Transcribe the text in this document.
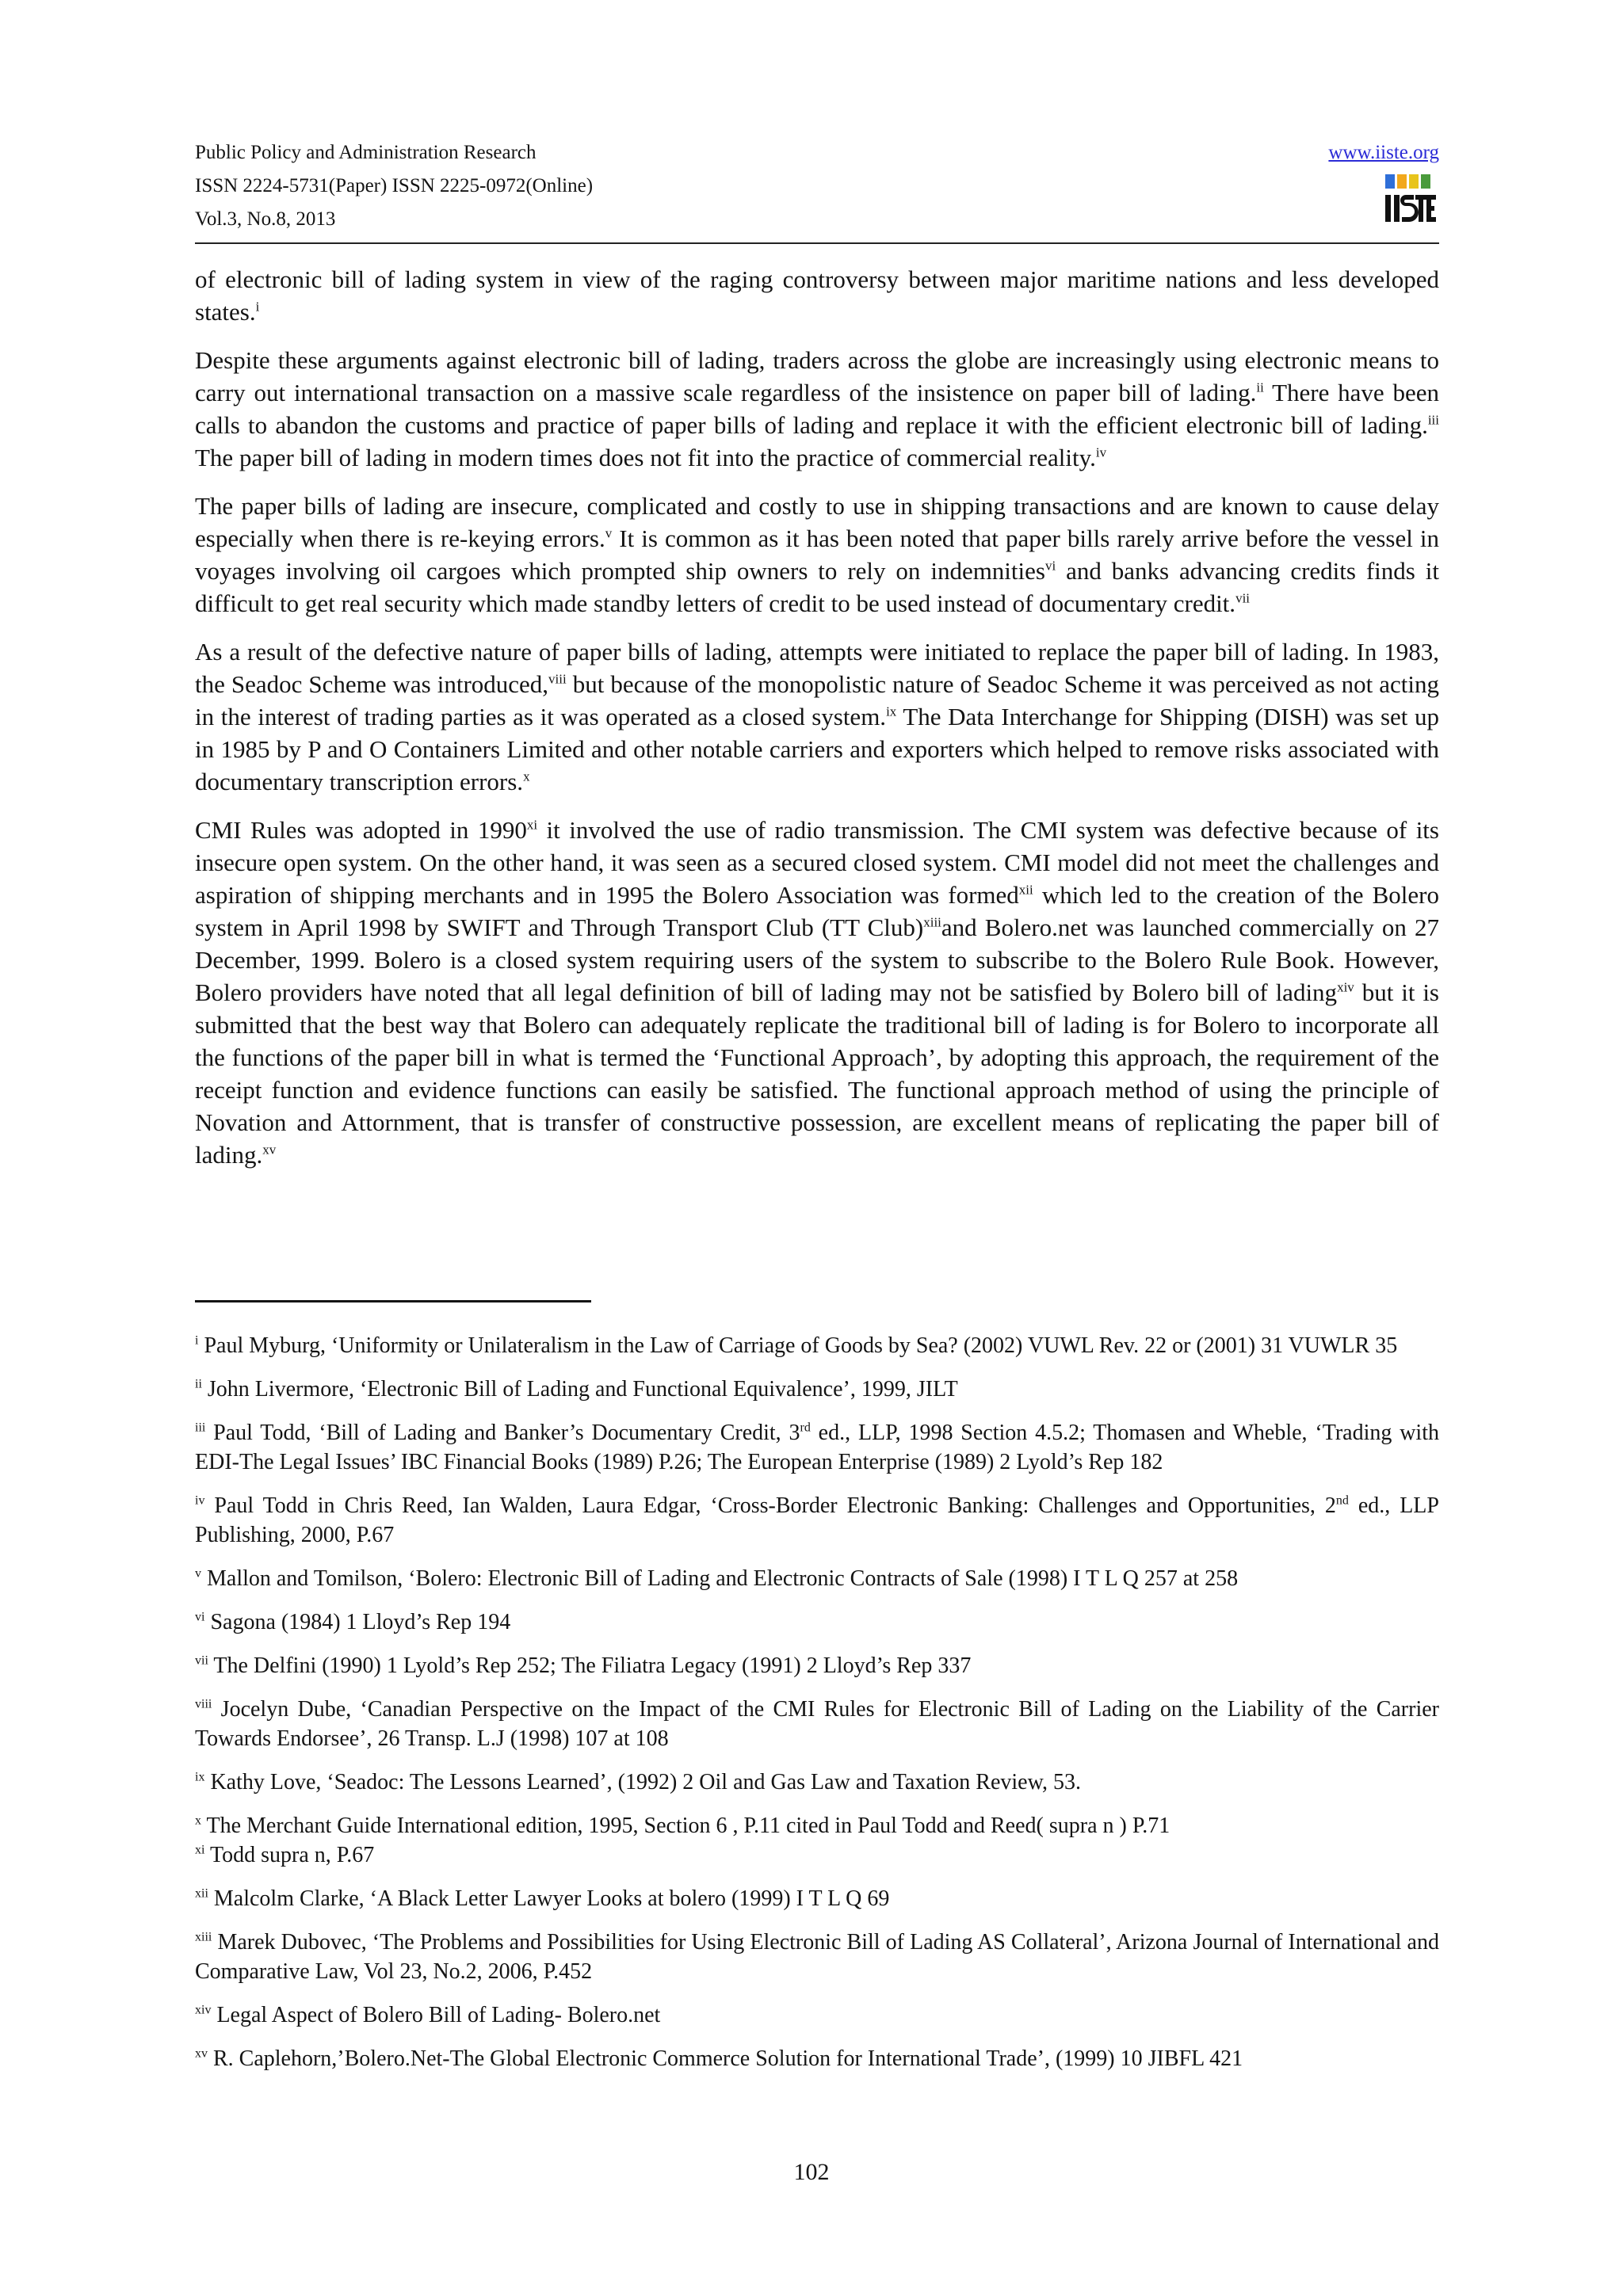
Public Policy and Administration Research	www.iiste.org
ISSN 2224-5731(Paper) ISSN 2225-0972(Online)
Vol.3, No.8, 2013

of electronic bill of lading system in view of the raging controversy between major maritime nations and less developed states.$^i$

Despite these arguments against electronic bill of lading, traders across the globe are increasingly using electronic means to carry out international transaction on a massive scale regardless of the insistence on paper bill of lading.$^{ii}$ There have been calls to abandon the customs and practice of paper bills of lading and replace it with the efficient electronic bill of lading.$^{iii}$ The paper bill of lading in modern times does not fit into the practice of commercial reality.$^{iv}$

The paper bills of lading are insecure, complicated and costly to use in shipping transactions and are known to cause delay especially when there is re-keying errors.$^v$ It is common as it has been noted that paper bills rarely arrive before the vessel in voyages involving oil cargoes which prompted ship owners to rely on indemnities$^{vi}$ and banks advancing credits finds it difficult to get real security which made standby letters of credit to be used instead of documentary credit.$^{vii}$

As a result of the defective nature of paper bills of lading, attempts were initiated to replace the paper bill of lading. In 1983, the Seadoc Scheme was introduced,$^{viii}$ but because of the monopolistic nature of Seadoc Scheme it was perceived as not acting in the interest of trading parties as it was operated as a closed system.$^{ix}$ The Data Interchange for Shipping (DISH) was set up in 1985 by P and O Containers Limited and other notable carriers and exporters which helped to remove risks associated with documentary transcription errors.$^x$

CMI Rules was adopted in 1990$^{xi}$ it involved the use of radio transmission. The CMI system was defective because of its insecure open system. On the other hand, it was seen as a secured closed system. CMI model did not meet the challenges and aspiration of shipping merchants and in 1995 the Bolero Association was formed$^{xii}$ which led to the creation of the Bolero system in April 1998 by SWIFT and Through Transport Club (TT Club)$^{xiii}$and Bolero.net was launched commercially on 27 December, 1999. Bolero is a closed system requiring users of the system to subscribe to the Bolero Rule Book. However, Bolero providers have noted that all legal definition of bill of lading may not be satisfied by Bolero bill of lading$^{xiv}$ but it is submitted that the best way that Bolero can adequately replicate the traditional bill of lading is for Bolero to incorporate all the functions of the paper bill in what is termed the ‘Functional Approach’, by adopting this approach, the requirement of the receipt function and evidence functions can easily be satisfied. The functional approach method of using the principle of Novation and Attornment, that is transfer of constructive possession, are excellent means of replicating the paper bill of lading.$^{xv}$

$^i$ Paul Myburg, ‘Uniformity or Unilateralism in the Law of Carriage of Goods by Sea? (2002) VUWL Rev. 22 or (2001) 31 VUWLR 35
$^{ii}$ John Livermore, ‘Electronic Bill of Lading and Functional Equivalence’, 1999, JILT
$^{iii}$ Paul Todd, ‘Bill of Lading and Banker’s Documentary Credit, 3rd ed., LLP, 1998 Section 4.5.2; Thomasen and Wheble, ‘Trading with EDI-The Legal Issues’ IBC Financial Books (1989) P.26; The European Enterprise (1989) 2 Lyold’s Rep 182
$^{iv}$ Paul Todd in Chris Reed, Ian Walden, Laura Edgar, ‘Cross-Border Electronic Banking: Challenges and Opportunities, 2nd ed., LLP Publishing, 2000, P.67
$^v$ Mallon and Tomilson, ‘Bolero: Electronic Bill of Lading and Electronic Contracts of Sale (1998) I T L Q 257 at 258
$^{vi}$ Sagona (1984) 1 Lloyd’s Rep 194
$^{vii}$ The Delfini (1990) 1 Lyold’s Rep 252; The Filiatra Legacy (1991) 2 Lloyd’s Rep 337
$^{viii}$ Jocelyn Dube, ‘Canadian Perspective on the Impact of the CMI Rules for Electronic Bill of Lading on the Liability of the Carrier Towards Endorsee’, 26 Transp. L.J (1998) 107 at 108
$^{ix}$ Kathy Love, ‘Seadoc: The Lessons Learned’, (1992) 2 Oil and Gas Law and Taxation Review, 53.
$^x$ The Merchant Guide International edition, 1995, Section 6 , P.11 cited in Paul Todd and Reed( supra n ) P.71
$^{xi}$ Todd supra n, P.67
$^{xii}$ Malcolm Clarke, ‘A Black Letter Lawyer Looks at bolero (1999) I T L Q 69
$^{xiii}$ Marek Dubovec, ‘The Problems and Possibilities for Using Electronic Bill of Lading AS Collateral’, Arizona Journal of International and Comparative Law, Vol 23, No.2, 2006, P.452
$^{xiv}$ Legal Aspect of Bolero Bill of Lading- Bolero.net
$^{xv}$ R. Caplehorn,’Bolero.Net-The Global Electronic Commerce Solution for International Trade’, (1999) 10 JIBFL 421
102
